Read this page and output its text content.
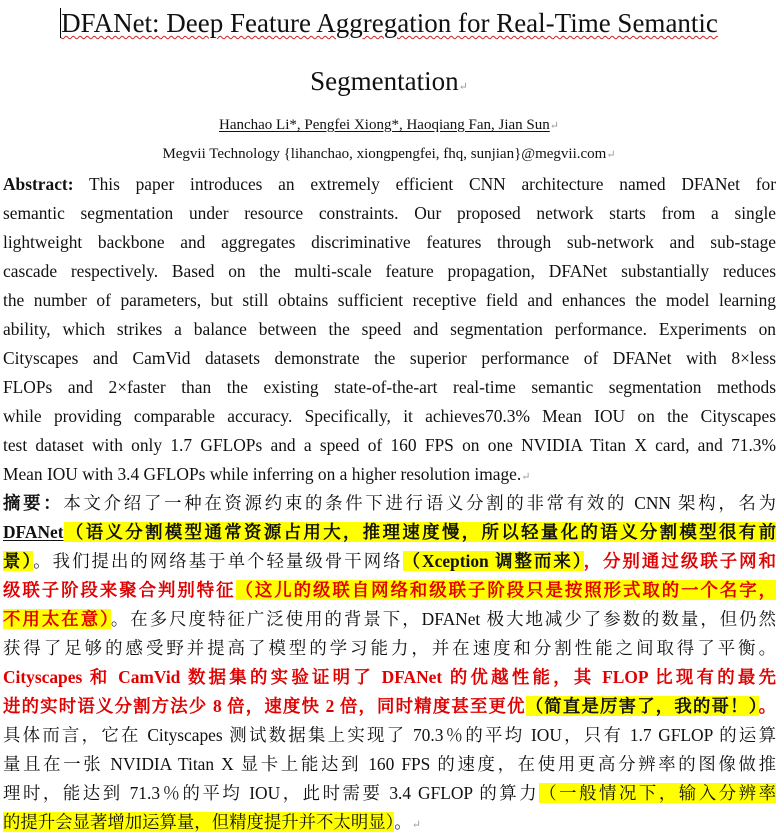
DFANet: Deep Feature Aggregation for Real-Time Semantic
Segmentation↵
Hanchao Li*, Pengfei Xiong*, Haoqiang Fan, Jian Sun↵
Megvii Technology {lihanchao, xiongpengfei, fhq, sunjian}@megvii.com↵
Abstract: This paper introduces an extremely efficient CNN architecture named DFANet for
semantic segmentation under resource constraints. Our proposed network starts from a single
lightweight backbone and aggregates discriminative features through sub-network and sub-stage
cascade respectively. Based on the multi-scale feature propagation, DFANet substantially reduces
the number of parameters, but still obtains sufficient receptive field and enhances the model learning
ability, which strikes a balance between the speed and segmentation performance. Experiments on
Cityscapes and CamVid datasets demonstrate the superior performance of DFANet with 8×less
FLOPs and 2×faster than the existing state-of-the-art real-time semantic segmentation methods
while providing comparable accuracy. Specifically, it achieves70.3% Mean IOU on the Cityscapes
test dataset with only 1.7 GFLOPs and a speed of 160 FPS on one NVIDIA Titan X card, and 71.3%
Mean IOU with 3.4 GFLOPs while inferring on a higher resolution image.↵
摘要：本文介绍了一种在资源约束的条件下进行语义分割的非常有效的 CNN 架构，名为
DFANet（语义分割模型通常资源占用大，推理速度慢，所以轻量化的语义分割模型很有前
景）。我们提出的网络基于单个轻量级骨干网络（Xception 调整而来），分别通过级联子网和
级联子阶段来聚合判别特征（这儿的级联自网络和级联子阶段只是按照形式取的一个名字，
不用太在意）。在多尺度特征广泛使用的背景下，DFANet 极大地减少了参数的数量，但仍然
获得了足够的感受野并提高了模型的学习能力，并在速度和分割性能之间取得了平衡。
Cityscapes 和 CamVid 数据集的实验证明了 DFANet 的优越性能，其 FLOP 比现有的最先
进的实时语义分割方法少 8 倍，速度快 2 倍，同时精度甚至更优（简直是厉害了，我的哥！）。
具体而言，它在 Cityscapes 测试数据集上实现了 70.3％的平均 IOU，只有 1.7 GFLOP 的运算
量且在一张 NVIDIA Titan X 显卡上能达到 160 FPS 的速度，在使用更高分辨率的图像做推
理时，能达到 71.3％的平均 IOU，此时需要 3.4 GFLOP 的算力（一般情况下，输入分辨率
的提升会显著增加运算量，但精度提升并不太明显）。↵
